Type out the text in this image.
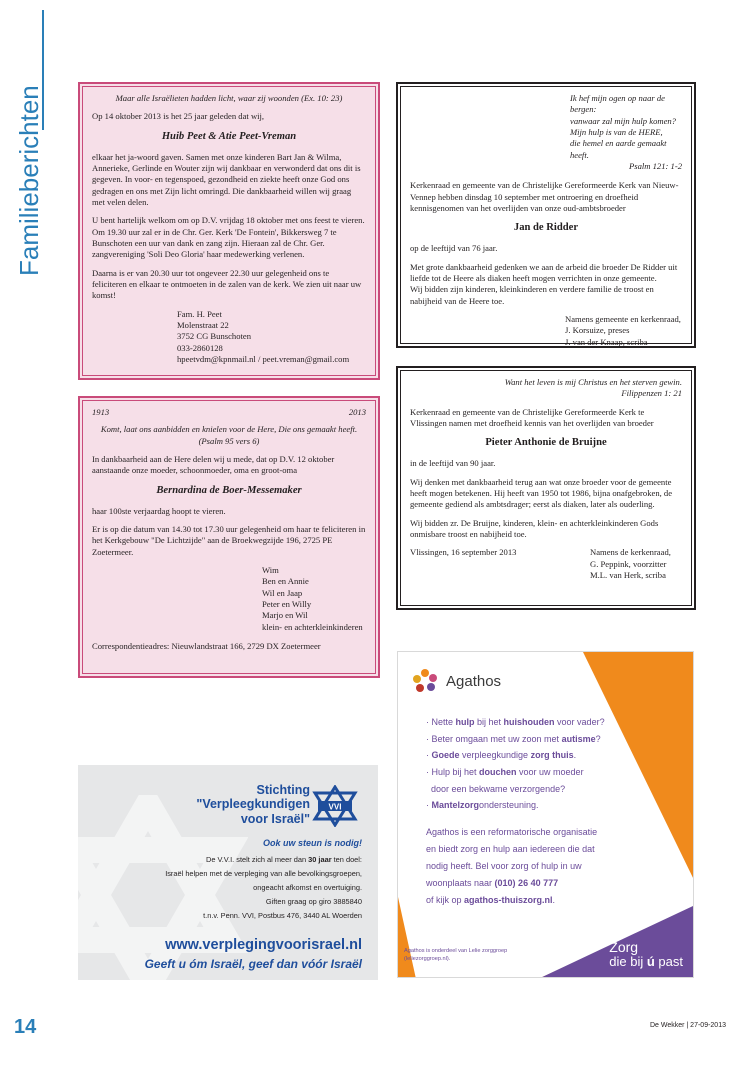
Familieberichten	Maar alle Israëlieten hadden licht, waar zij woonden (Ex. 10: 23)

Op 14 oktober 2013 is het 25 jaar geleden dat wij,

Huib Peet & Atie Peet-Vreman

elkaar het ja-woord gaven. Samen met onze kinderen Bart Jan & Wilma, Annerieke, Gerlinde en Wouter zijn wij dankbaar en verwonderd dat ons dit is gegeven. In voor- en tegenspoed, gezondheid en ziekte heeft onze God ons gedragen en ons met Zijn licht omringd. Die dankbaarheid willen wij graag met velen delen.

U bent hartelijk welkom om op D.V. vrijdag 18 oktober met ons feest te vieren. Om 19.30 uur zal er in de Chr. Ger. Kerk 'De Fontein', Bikkersweg 7 te Bunschoten een uur van dank en zang zijn. Hieraan zal de Chr. Ger. zangvereniging 'Soli Deo Gloria' haar medewerking verlenen.

Daarna is er van 20.30 uur tot ongeveer 22.30 uur gelegenheid ons te feliciteren en elkaar te ontmoeten in de zalen van de kerk. We zien uit naar uw komst!

Fam. H. Peet
Molenstraat 22
3752 CG Bunschoten
033-2860128
hpeetvdm@kpnmail.nl / peet.vreman@gmail.com
1913	2013
Komt, laat ons aanbidden en knielen voor de Here, Die ons gemaakt heeft.

(Psalm 95 vers 6)

In dankbaarheid aan de Here delen wij u mede, dat op D.V. 12 oktober aanstaande onze moeder, schoonmoeder, oma en groot-oma

Bernardina de Boer-Messemaker

haar 100ste verjaardag hoopt te vieren.

Er is op die datum van 14.30 tot 17.30 uur gelegenheid om haar te feliciteren in het Kerkgebouw "De Lichtzijde" aan de Broekwegzijde 196, 2725 PE Zoetermeer.

Wim
Ben en Annie
Wil en Jaap
Peter en Willy
Marjo en Wil
klein- en achterkleinkinderen
Correspondentieadres: Nieuwlandstraat 166, 2729 DX Zoetermeer
Ik hef mijn ogen op naar de bergen:
vanwaar zal mijn hulp komen?
Mijn hulp is van de HERE,
die hemel en aarde gemaakt heeft.
Psalm 121: 1-2

Kerkenraad en gemeente van de Christelijke Gereformeerde Kerk van Nieuw-Vennep hebben dinsdag 10 september met ontroering en droefheid kennisgenomen van het overlijden van onze oud-ambtsbroeder

Jan de Ridder

op de leeftijd van 76 jaar.

Met grote dankbaarheid gedenken we aan de arbeid die broeder De Ridder uit liefde tot de Heere als diaken heeft mogen verrichten in onze gemeente.

Wij bidden zijn kinderen, kleinkinderen en verdere familie de troost en nabijheid van de Heere toe.

Namens gemeente en kerkenraad,
J. Korsuize, preses
J. van der Knaap, scriba
Want het leven is mij Christus en het sterven gewin.

Filippenzen 1: 21

Kerkenraad en gemeente van de Christelijke Gereformeerde Kerk te Vlissingen namen met droefheid kennis van het overlijden van broeder

Pieter Anthonie de Bruijne

in de leeftijd van 90 jaar.

Wij denken met dankbaarheid terug aan wat onze broeder voor de gemeente heeft mogen betekenen. Hij heeft van 1950 tot 1986, bijna onafgebroken, de gemeente gediend als ambtsdrager; eerst als diaken, later als ouderling.

Wij bidden zr. De Bruijne, kinderen, klein- en achterkleinkinderen Gods onmisbare troost en nabijheid toe.

Vlissingen, 16 september 2013	Namens de kerkenraad,
G. Peppink, voorzitter
M.L. van Herk, scriba
Stichting
"Verpleegkundigen
voor Israël"
VVI
Ook uw steun is nodig!
De V.V.I. stelt zich al meer dan 30 jaar ten doel:
Israël helpen met de verpleging van alle bevolkingsgroepen,
ongeacht afkomst en overtuiging.
Giften graag op giro 3885840
t.n.v. Penn. VVI, Postbus 476, 3440 AL Woerden
www.verplegingvoorisrael.nl
Geeft u óm Israël, geef dan vóór Israël
Agathos
· Nette hulp bij het huishouden voor vader?
· Beter omgaan met uw zoon met autisme?
· Goede verpleegkundige zorg thuis.
· Hulp bij het douchen voor uw moeder
door een bekwame verzorgende?
· Mantelzorgondersteuning.
Agathos is een reformatorische organisatie
en biedt zorg en hulp aan iedereen die dat
nodig heeft. Bel voor zorg of hulp in uw
woonplaats naar (010) 26 40 777
of kijk op agathos-thuiszorg.nl.
Agathos is onderdeel van Lelie zorggroep (leliezorggroep.nl).
Zorg
die bij ú past
14	De Wekker | 27-09-2013
